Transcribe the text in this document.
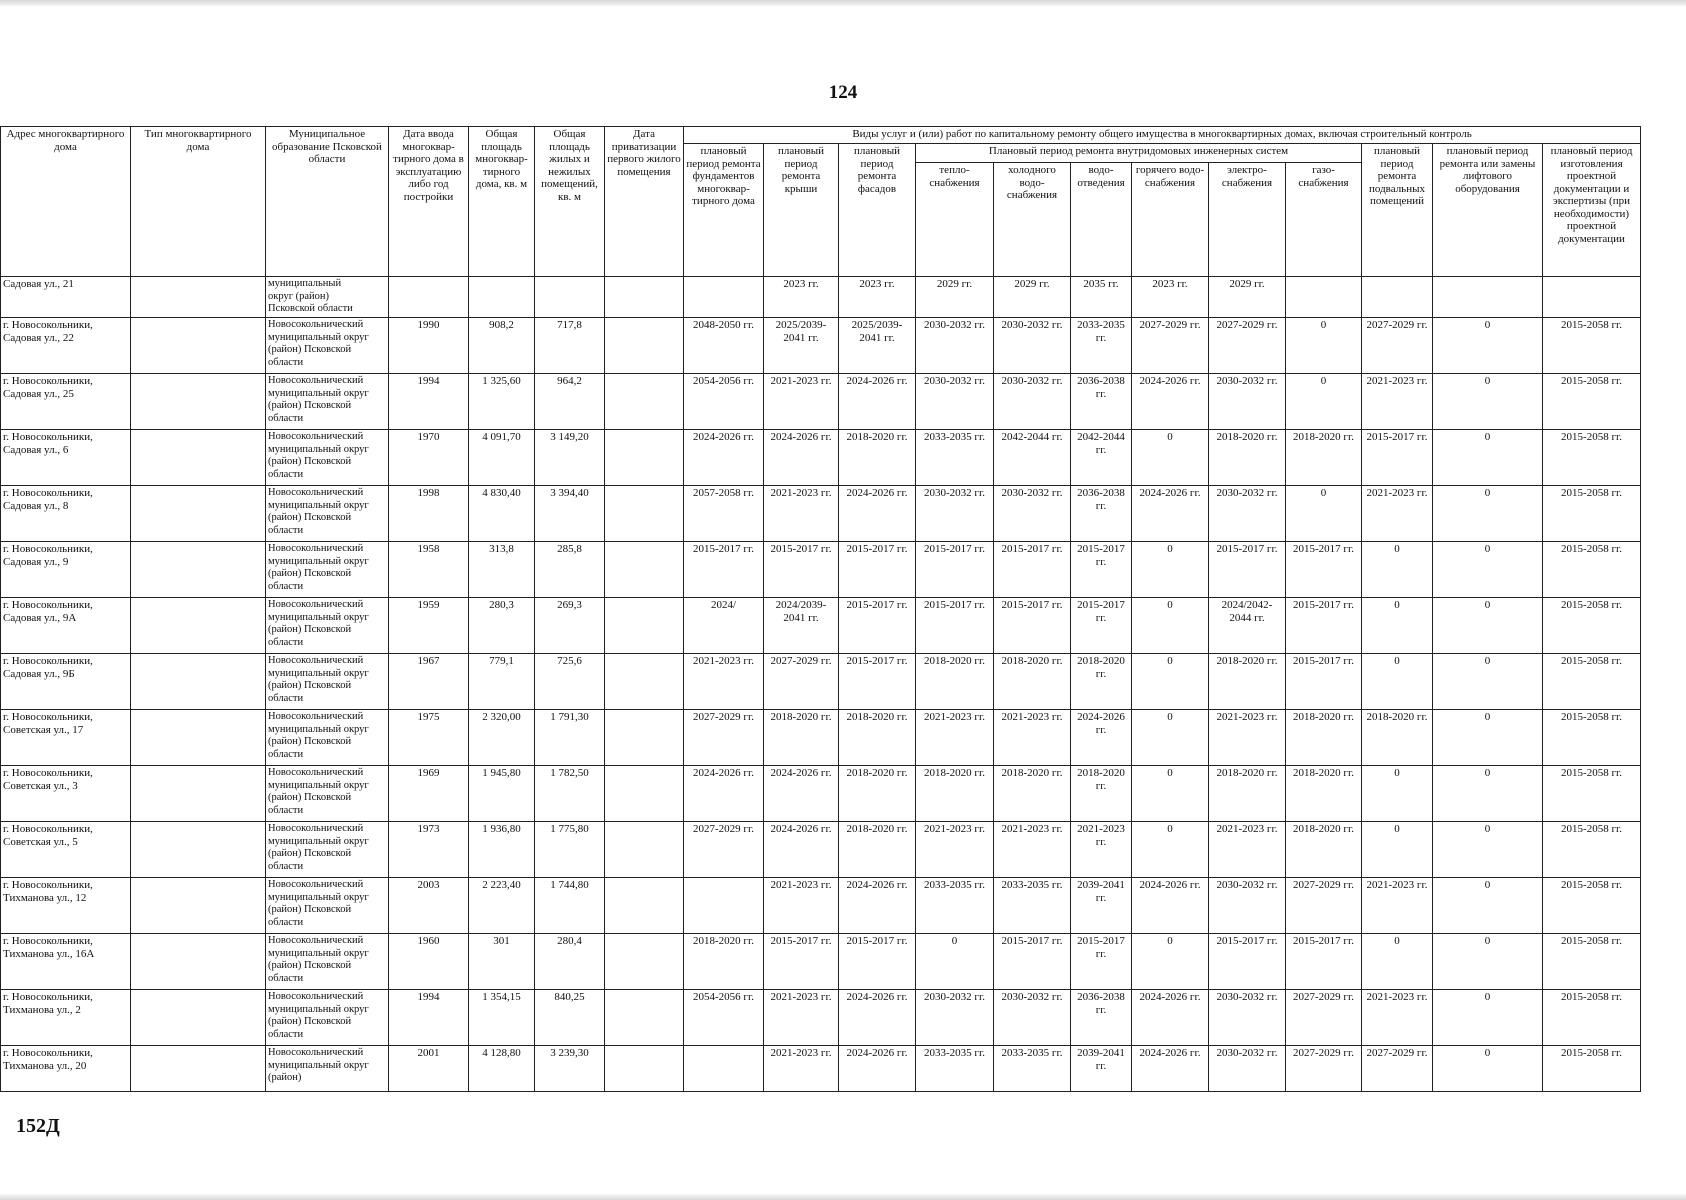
124
Адрес многоквартирного дома	Тип многоквартирного дома	Муниципальное образование Псковской области	Дата ввода многоквар-тирного дома в эксплуатацию либо год постройки	Общая площадь многоквар-тирного дома, кв. м	Общая площадь жилых и нежилых помещений, кв. м	Дата приватизации первого жилого помещения	Виды услуг и (или) работ по капитальному ремонту общего имущества в многоквартирных домах, включая строительный контроль											
							плановый период ремонта фундаментов многоквар-тирного дома	плановый период ремонта крыши	плановый период ремонта фасадов	Плановый период ремонта внутридомовых инженерных систем						плановый период ремонта подвальных помещений	плановый период ремонта или замены лифтового оборудования	плановый период изготовления проектной документации и экспертизы (при необходимости) проектной документации
										тепло-снабжения	холодного водо-снабжения	водо-отведения	горячего водо-снабжения	электро-снабжения	газо-снабжения			
Садовая ул., 21		муниципальный
округ (район)
Псковской области						2023 гг.	2023 гг.	2029 гг.	2029 гг.	2035 гг.	2023 гг.	2029 гг.				
г. Новосокольники, Садовая ул., 22		Новосокольнический муниципальный округ (район) Псковской области	1990	908,2	717,8		2048-2050 гг.	2025/2039-2041 гг.	2025/2039-2041 гг.	2030-2032 гг.	2030-2032 гг.	2033-2035 гг.	2027-2029 гг.	2027-2029 гг.	0	2027-2029 гг.	0	2015-2058 гг.
г. Новосокольники, Садовая ул., 25		Новосокольнический муниципальный округ (район) Псковской области	1994	1 325,60	964,2		2054-2056 гг.	2021-2023 гг.	2024-2026 гг.	2030-2032 гг.	2030-2032 гг.	2036-2038 гг.	2024-2026 гг.	2030-2032 гг.	0	2021-2023 гг.	0	2015-2058 гг.
г. Новосокольники, Садовая ул., 6		Новосокольнический муниципальный округ (район) Псковской области	1970	4 091,70	3 149,20		2024-2026 гг.	2024-2026 гг.	2018-2020 гг.	2033-2035 гг.	2042-2044 гг.	2042-2044 гг.	0	2018-2020 гг.	2018-2020 гг.	2015-2017 гг.	0	2015-2058 гг.
г. Новосокольники, Садовая ул., 8		Новосокольнический муниципальный округ (район) Псковской области	1998	4 830,40	3 394,40		2057-2058 гг.	2021-2023 гг.	2024-2026 гг.	2030-2032 гг.	2030-2032 гг.	2036-2038 гг.	2024-2026 гг.	2030-2032 гг.	0	2021-2023 гг.	0	2015-2058 гг.
г. Новосокольники, Садовая ул., 9		Новосокольнический муниципальный округ (район) Псковской области	1958	313,8	285,8		2015-2017 гг.	2015-2017 гг.	2015-2017 гг.	2015-2017 гг.	2015-2017 гг.	2015-2017 гг.	0	2015-2017 гг.	2015-2017 гг.	0	0	2015-2058 гг.
г. Новосокольники, Садовая ул., 9А		Новосокольнический муниципальный округ (район) Псковской области	1959	280,3	269,3		2024/	2024/2039-2041 гг.	2015-2017 гг.	2015-2017 гг.	2015-2017 гг.	2015-2017 гг.	0	2024/2042-2044 гг.	2015-2017 гг.	0	0	2015-2058 гг.
г. Новосокольники, Садовая ул., 9Б		Новосокольнический муниципальный округ (район) Псковской области	1967	779,1	725,6		2021-2023 гг.	2027-2029 гг.	2015-2017 гг.	2018-2020 гг.	2018-2020 гг.	2018-2020 гг.	0	2018-2020 гг.	2015-2017 гг.	0	0	2015-2058 гг.
г. Новосокольники, Советская ул., 17		Новосокольнический муниципальный округ (район) Псковской области	1975	2 320,00	1 791,30		2027-2029 гг.	2018-2020 гг.	2018-2020 гг.	2021-2023 гг.	2021-2023 гг.	2024-2026 гг.	0	2021-2023 гг.	2018-2020 гг.	2018-2020 гг.	0	2015-2058 гг.
г. Новосокольники, Советская ул., 3		Новосокольнический муниципальный округ (район) Псковской области	1969	1 945,80	1 782,50		2024-2026 гг.	2024-2026 гг.	2018-2020 гг.	2018-2020 гг.	2018-2020 гг.	2018-2020 гг.	0	2018-2020 гг.	2018-2020 гг.	0	0	2015-2058 гг.
г. Новосокольники, Советская ул., 5		Новосокольнический муниципальный округ (район) Псковской области	1973	1 936,80	1 775,80		2027-2029 гг.	2024-2026 гг.	2018-2020 гг.	2021-2023 гг.	2021-2023 гг.	2021-2023 гг.	0	2021-2023 гг.	2018-2020 гг.	0	0	2015-2058 гг.
г. Новосокольники, Тихманова ул., 12		Новосокольнический муниципальный округ (район) Псковской области	2003	2 223,40	1 744,80			2021-2023 гг.	2024-2026 гг.	2033-2035 гг.	2033-2035 гг.	2039-2041 гг.	2024-2026 гг.	2030-2032 гг.	2027-2029 гг.	2021-2023 гг.	0	2015-2058 гг.
г. Новосокольники, Тихманова ул., 16А		Новосокольнический муниципальный округ (район) Псковской области	1960	301	280,4		2018-2020 гг.	2015-2017 гг.	2015-2017 гг.	0	2015-2017 гг.	2015-2017 гг.	0	2015-2017 гг.	2015-2017 гг.	0	0	2015-2058 гг.
г. Новосокольники, Тихманова ул., 2		Новосокольнический муниципальный округ (район) Псковской области	1994	1 354,15	840,25		2054-2056 гг.	2021-2023 гг.	2024-2026 гг.	2030-2032 гг.	2030-2032 гг.	2036-2038 гг.	2024-2026 гг.	2030-2032 гг.	2027-2029 гг.	2021-2023 гг.	0	2015-2058 гг.
г. Новосокольники, Тихманова ул., 20		Новосокольнический муниципальный округ (район)	2001	4 128,80	3 239,30			2021-2023 гг.	2024-2026 гг.	2033-2035 гг.	2033-2035 гг.	2039-2041 гг.	2024-2026 гг.	2030-2032 гг.	2027-2029 гг.	2027-2029 гг.	0	2015-2058 гг.
152Д
